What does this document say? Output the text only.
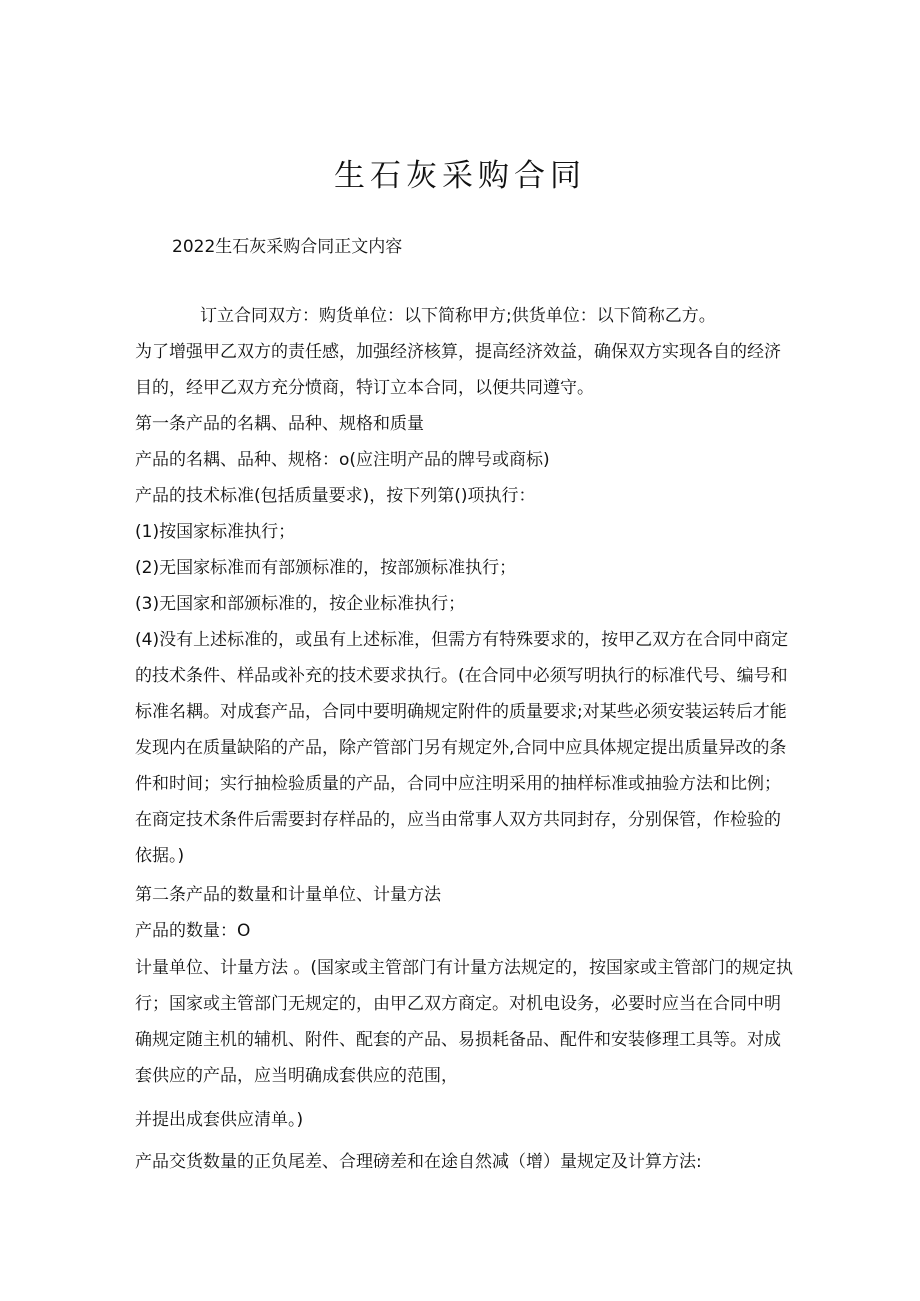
生石灰采购合同
2022生石灰采购合同正文内容
订立合同双方：购货单位：以下简称甲方;供货单位：以下简称乙方。
为了增强甲乙双方的责任感，加强经济核算，提高经济效益，确保双方实现各自的经济
目的，经甲乙双方充分愤商，特订立本合同，以便共同遵守。
第一条产品的名耦、品种、规格和质量
产品的名耦、品种、规格：o(应注明产品的牌号或商标)
产品的技术标准(包括质量要求)，按下列第()项执行：
(1)按国家标准执行；
(2)无国家标准而有部颁标准的，按部颁标准执行；
(3)无国家和部颁标准的，按企业标准执行；
(4)没有上述标准的，或虽有上述标准，但需方有特殊要求的，按甲乙双方在合同中商定
的技术条件、样品或补充的技术要求执行。(在合同中必须写明执行的标准代号、编号和
标准名耦。对成套产品，合同中要明确规定附件的质量要求;对某些必须安装运转后才能
发现内在质量缺陷的产品，除产管部门另有规定外,合同中应具体规定提出质量异改的条
件和时间；实行抽检验质量的产品，合同中应注明采用的抽样标准或抽验方法和比例；
在商定技术条件后需要封存样品的，应当由常事人双方共同封存，分别保管，作检验的
依据。)
第二条产品的数量和计量单位、计量方法
产品的数量：O
计量单位、计量方法 。(国家或主管部门有计量方法规定的，按国家或主管部门的规定执
行；国家或主管部门无规定的，由甲乙双方商定。对机电设务，必要时应当在合同中明
确规定随主机的辅机、附件、配套的产品、易损耗备品、配件和安装修理工具等。对成
套供应的产品，应当明确成套供应的范围，
并提出成套供应清单。)
产品交货数量的正负尾差、合理磅差和在途自然减（增）量规定及计算方法:
